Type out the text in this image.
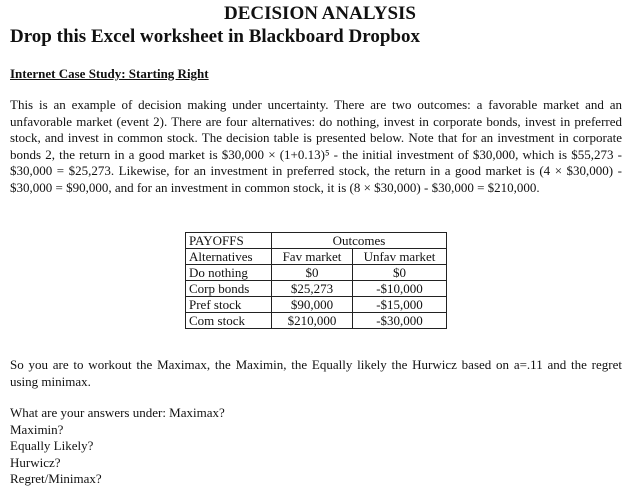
DECISION ANALYSIS
Drop this Excel worksheet in Blackboard Dropbox
Internet Case Study: Starting Right
This is an example of decision making under uncertainty. There are two outcomes: a favorable market and an unfavorable market (event 2). There are four alternatives: do nothing, invest in corporate bonds, invest in preferred stock, and invest in common stock. The decision table is presented below. Note that for an investment in corporate bonds 2, the return in a good market is $30,000 × (1+0.13)⁵ - the initial investment of $30,000, which is $55,273 - $30,000 = $25,273. Likewise, for an investment in preferred stock, the return in a good market is (4 × $30,000) - $30,000 = $90,000, and for an investment in common stock, it is (8 × $30,000) - $30,000 = $210,000.
PAYOFFS	Outcomes	
Alternatives	Fav market	Unfav market
Do nothing	$0	$0
Corp bonds	$25,273	-$10,000
Pref stock	$90,000	-$15,000
Com stock	$210,000	-$30,000
So you are to workout the Maximax, the Maximin, the Equally likely the Hurwicz based on a=.11 and the regret using minimax.
What are your answers under: Maximax?
Maximin?
Equally Likely?
Hurwicz?
Regret/Minimax?
